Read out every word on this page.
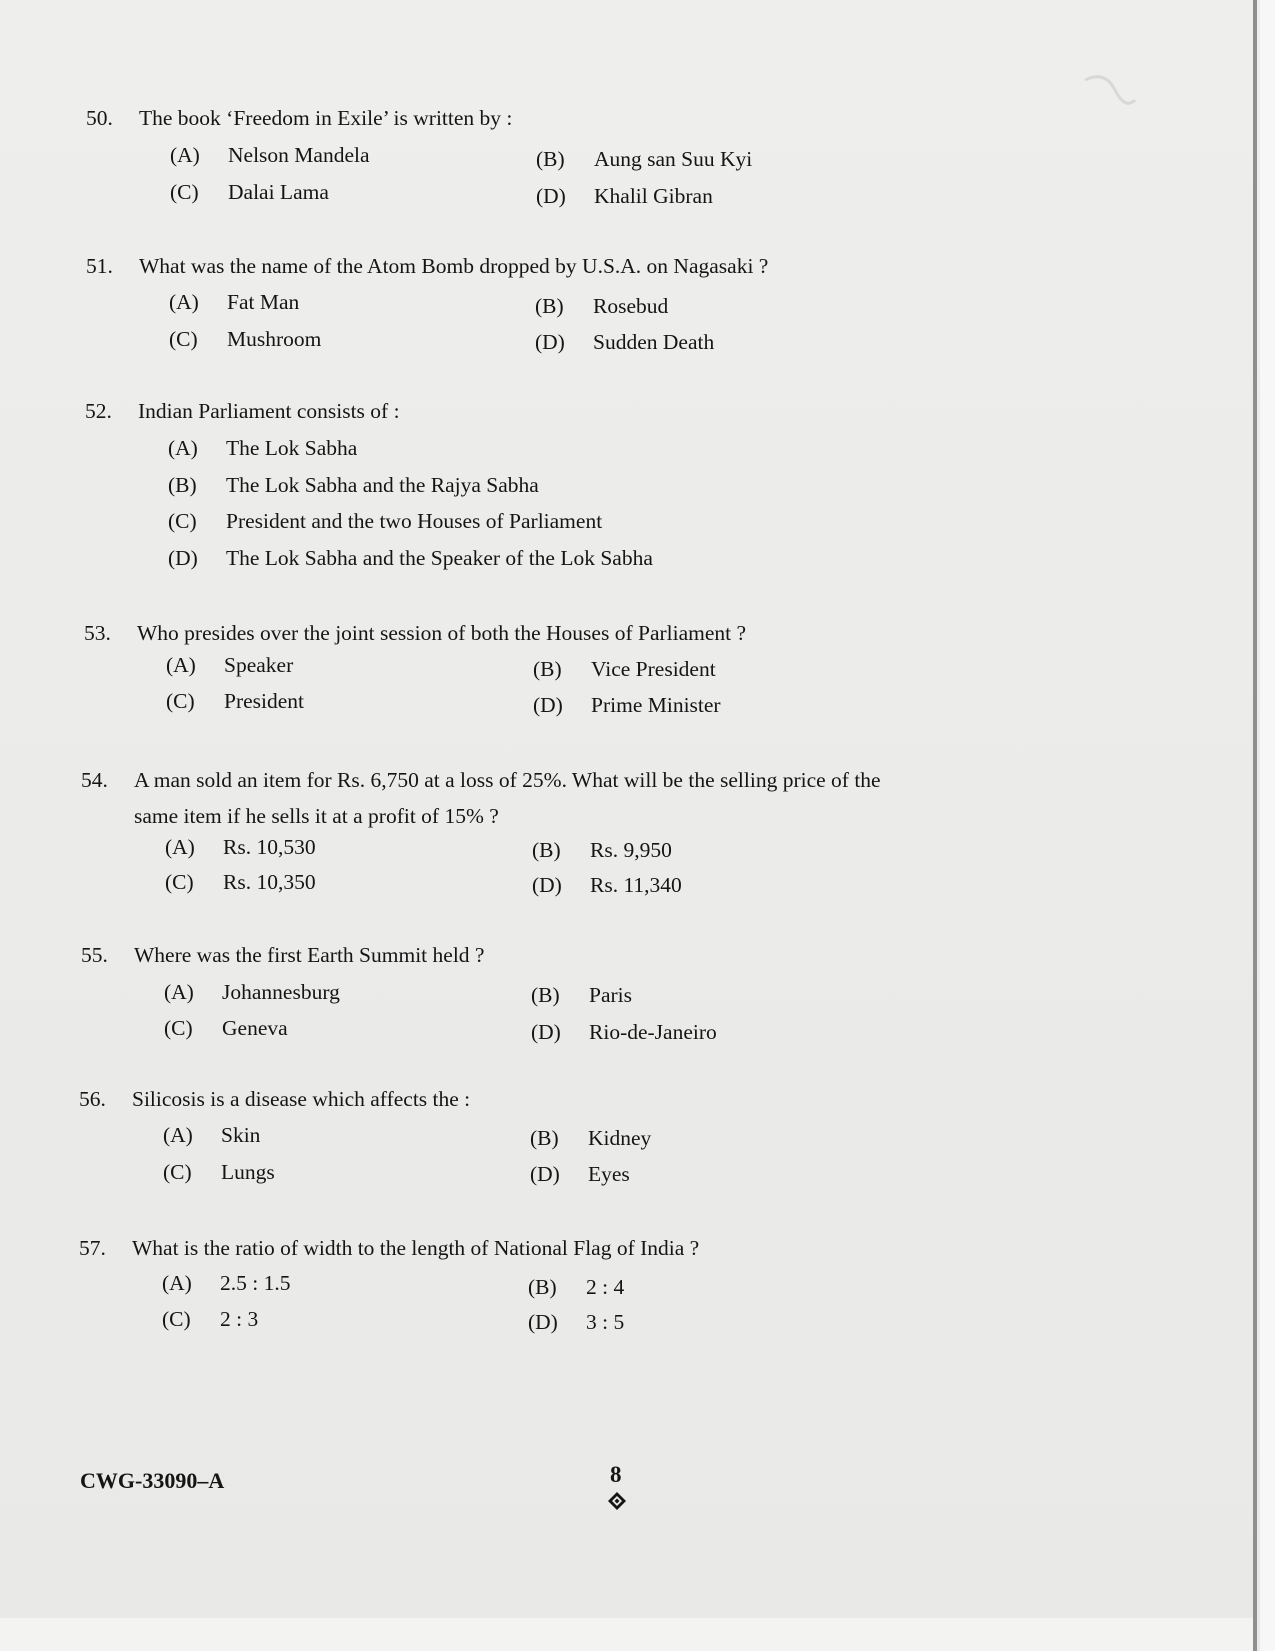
50. The book ‘Freedom in Exile’ is written by :
(A) Nelson Mandela	(B) Aung san Suu Kyi
(C) Dalai Lama	(D) Khalil Gibran
51. What was the name of the Atom Bomb dropped by U.S.A. on Nagasaki ?
(A) Fat Man	(B) Rosebud
(C) Mushroom	(D) Sudden Death
52. Indian Parliament consists of :
(A) The Lok Sabha
(B) The Lok Sabha and the Rajya Sabha
(C) President and the two Houses of Parliament
(D) The Lok Sabha and the Speaker of the Lok Sabha
53. Who presides over the joint session of both the Houses of Parliament ?
(A) Speaker	(B) Vice President
(C) President	(D) Prime Minister
54. A man sold an item for Rs. 6,750 at a loss of 25%. What will be the selling price of the
same item if he sells it at a profit of 15% ?
(A) Rs. 10,530	(B) Rs. 9,950
(C) Rs. 10,350	(D) Rs. 11,340
55. Where was the first Earth Summit held ?
(A) Johannesburg	(B) Paris
(C) Geneva	(D) Rio-de-Janeiro
56. Silicosis is a disease which affects the :
(A) Skin	(B) Kidney
(C) Lungs	(D) Eyes
57. What is the ratio of width to the length of National Flag of India ?
(A) 2.5 : 1.5	(B) 2 : 4
(C) 2 : 3	(D) 3 : 5
CWG-33090–A	8
